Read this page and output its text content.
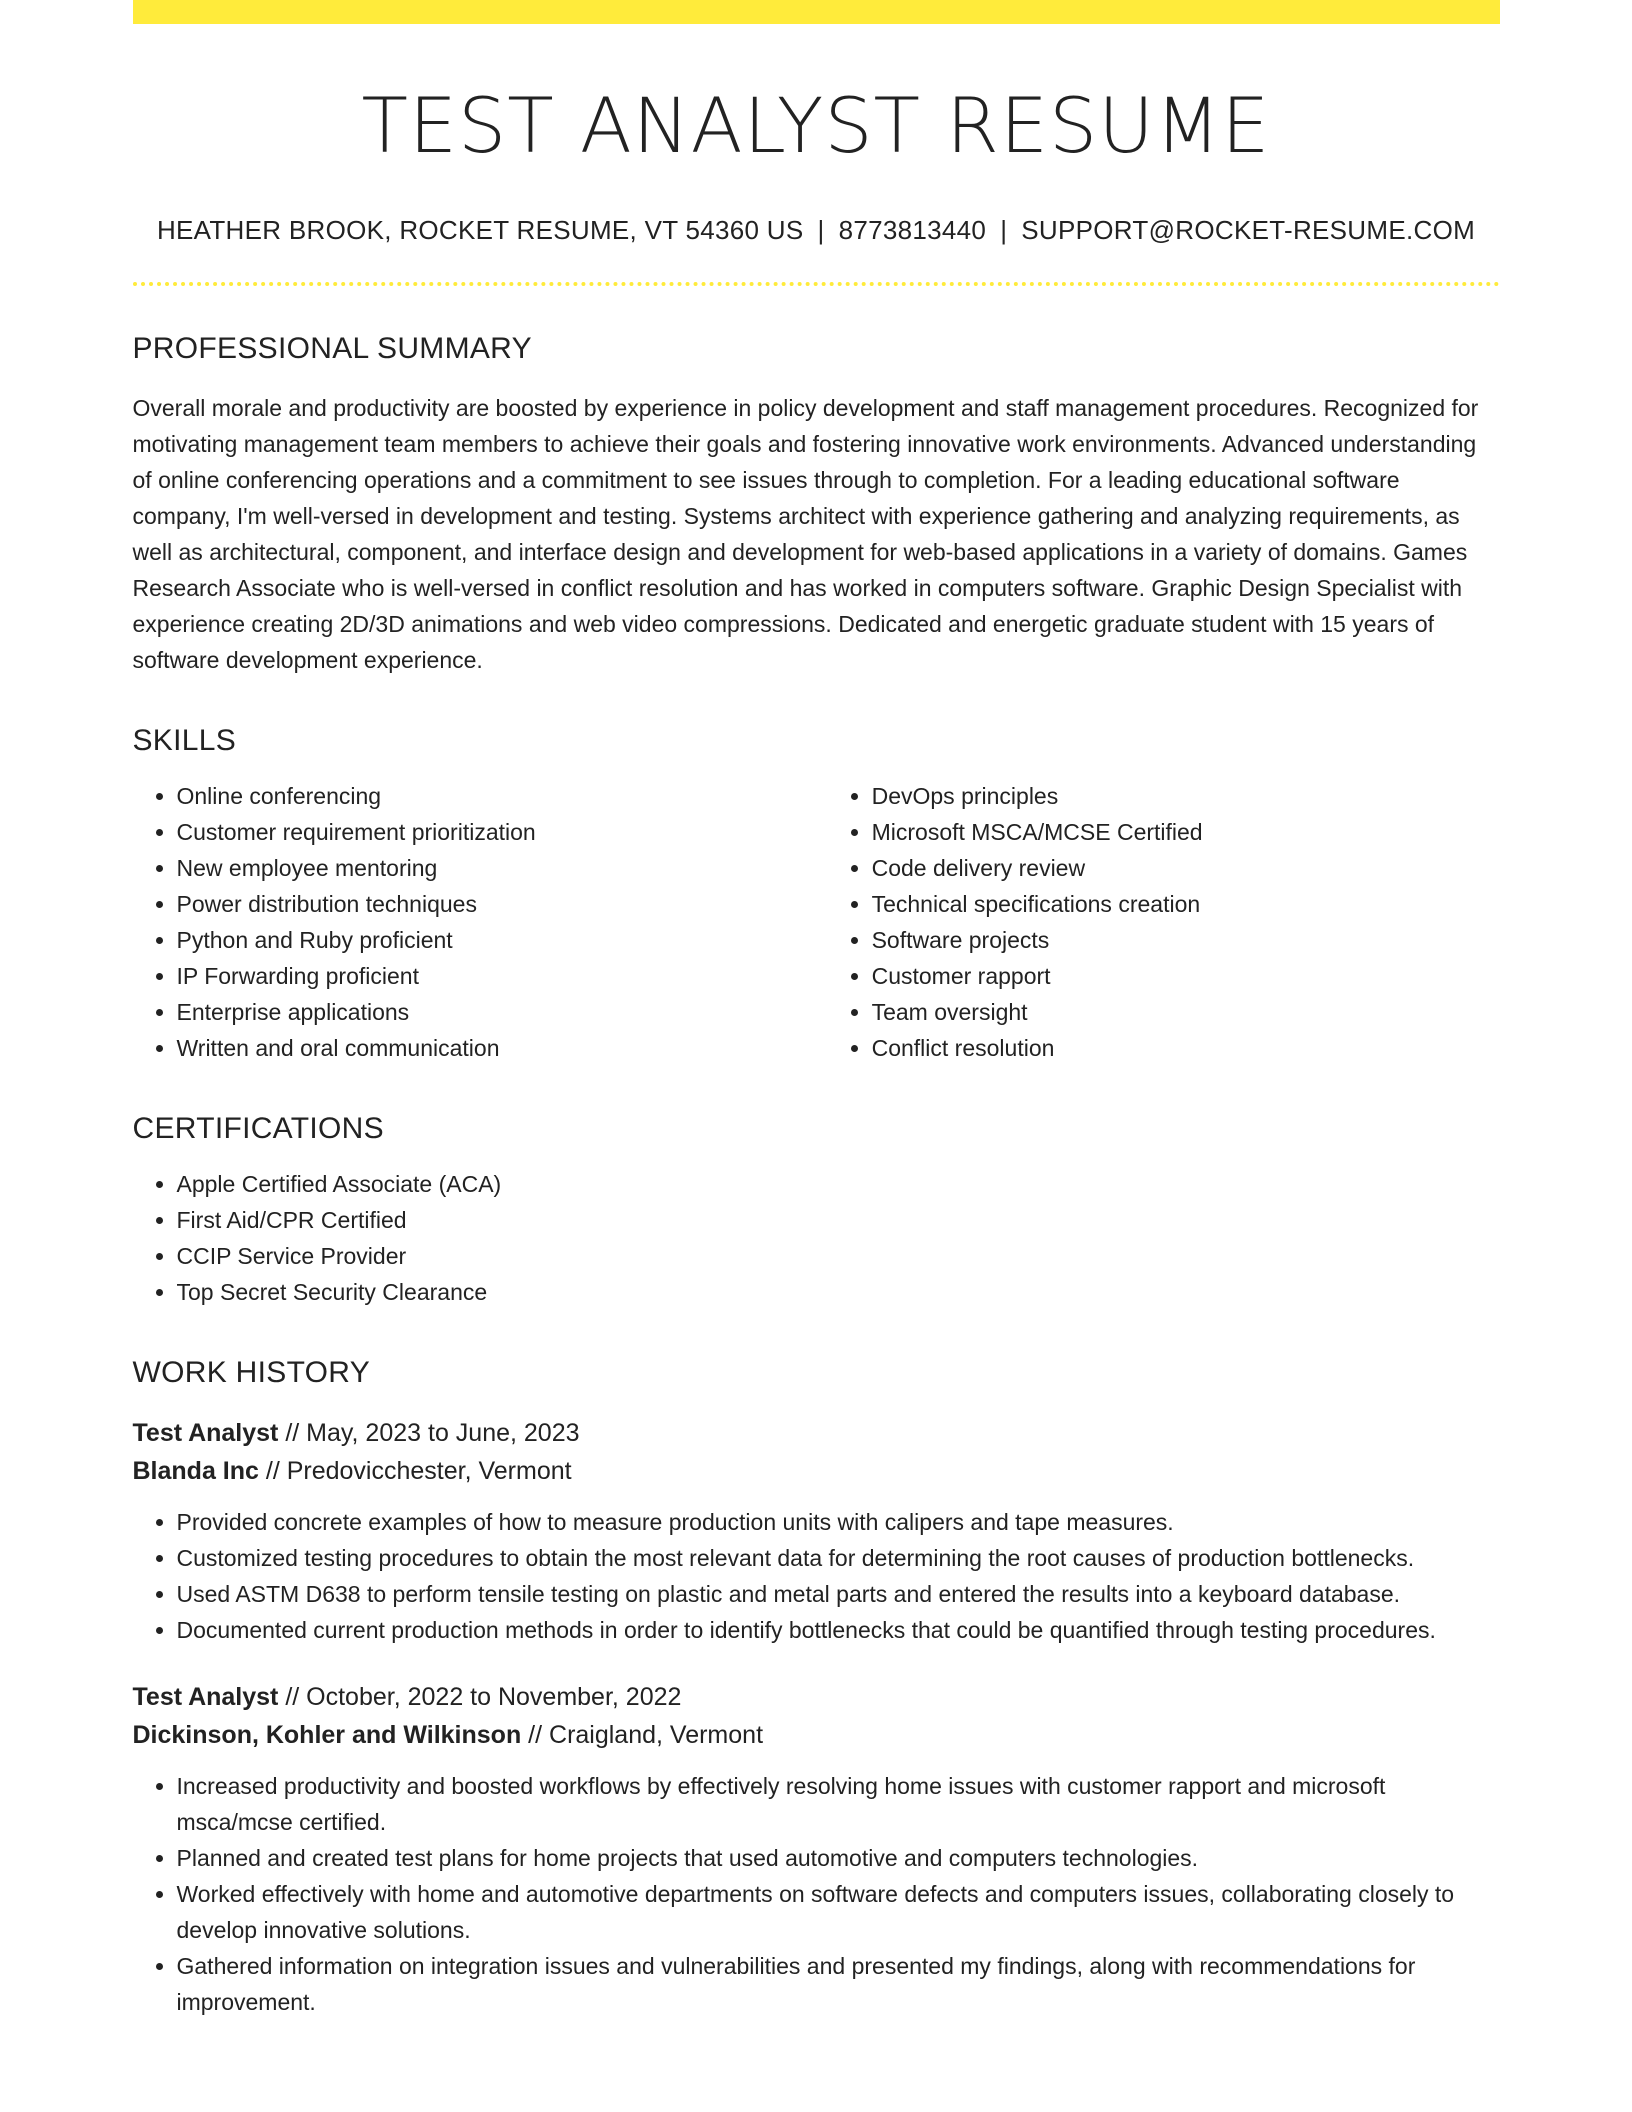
TEST ANALYST RESUME
HEATHER BROOK, ROCKET RESUME, VT 54360 US | 8773813440 | SUPPORT@ROCKET-RESUME.COM
PROFESSIONAL SUMMARY
Overall morale and productivity are boosted by experience in policy development and staff management procedures. Recognized for motivating management team members to achieve their goals and fostering innovative work environments. Advanced understanding of online conferencing operations and a commitment to see issues through to completion. For a leading educational software company, I'm well-versed in development and testing. Systems architect with experience gathering and analyzing requirements, as well as architectural, component, and interface design and development for web-based applications in a variety of domains. Games Research Associate who is well-versed in conflict resolution and has worked in computers software. Graphic Design Specialist with experience creating 2D/3D animations and web video compressions. Dedicated and energetic graduate student with 15 years of software development experience.
SKILLS
• Online conferencing
• Customer requirement prioritization
• New employee mentoring
• Power distribution techniques
• Python and Ruby proficient
• IP Forwarding proficient
• Enterprise applications
• Written and oral communication
• DevOps principles
• Microsoft MSCA/MCSE Certified
• Code delivery review
• Technical specifications creation
• Software projects
• Customer rapport
• Team oversight
• Conflict resolution
CERTIFICATIONS
• Apple Certified Associate (ACA)
• First Aid/CPR Certified
• CCIP Service Provider
• Top Secret Security Clearance
WORK HISTORY
Test Analyst // May, 2023 to June, 2023
Blanda Inc // Predovicchester, Vermont
• Provided concrete examples of how to measure production units with calipers and tape measures.
• Customized testing procedures to obtain the most relevant data for determining the root causes of production bottlenecks.
• Used ASTM D638 to perform tensile testing on plastic and metal parts and entered the results into a keyboard database.
• Documented current production methods in order to identify bottlenecks that could be quantified through testing procedures.
Test Analyst // October, 2022 to November, 2022
Dickinson, Kohler and Wilkinson // Craigland, Vermont
• Increased productivity and boosted workflows by effectively resolving home issues with customer rapport and microsoft msca/mcse certified.
• Planned and created test plans for home projects that used automotive and computers technologies.
• Worked effectively with home and automotive departments on software defects and computers issues, collaborating closely to develop innovative solutions.
• Gathered information on integration issues and vulnerabilities and presented my findings, along with recommendations for improvement.
